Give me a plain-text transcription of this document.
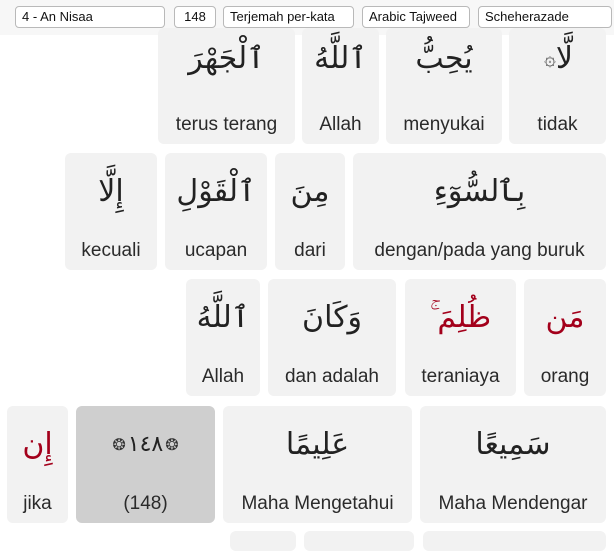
4 - An Nisaa	148	Terjemah per-kata	Arabic Tajweed	Scheherazade
ٱلْجَهْرَ
terus terang
ٱللَّهُ
Allah
يُحِبُّ
menyukai
لَّا
۞
tidak
إِلَّا
kecuali
ٱلْقَوْلِ
ucapan
مِنَ
dari
بِٱلسُّوٓءِ
dengan/pada yang buruk
ٱللَّهُ
Allah
وَكَانَ
dan adalah
ظُلِمَ ۚ
teraniaya
مَن
orang
إِن
jika
❂ ١٤٨ ❂
(148)
عَلِيمًا
Maha Mengetahui
سَمِيعًا
Maha Mendengar
